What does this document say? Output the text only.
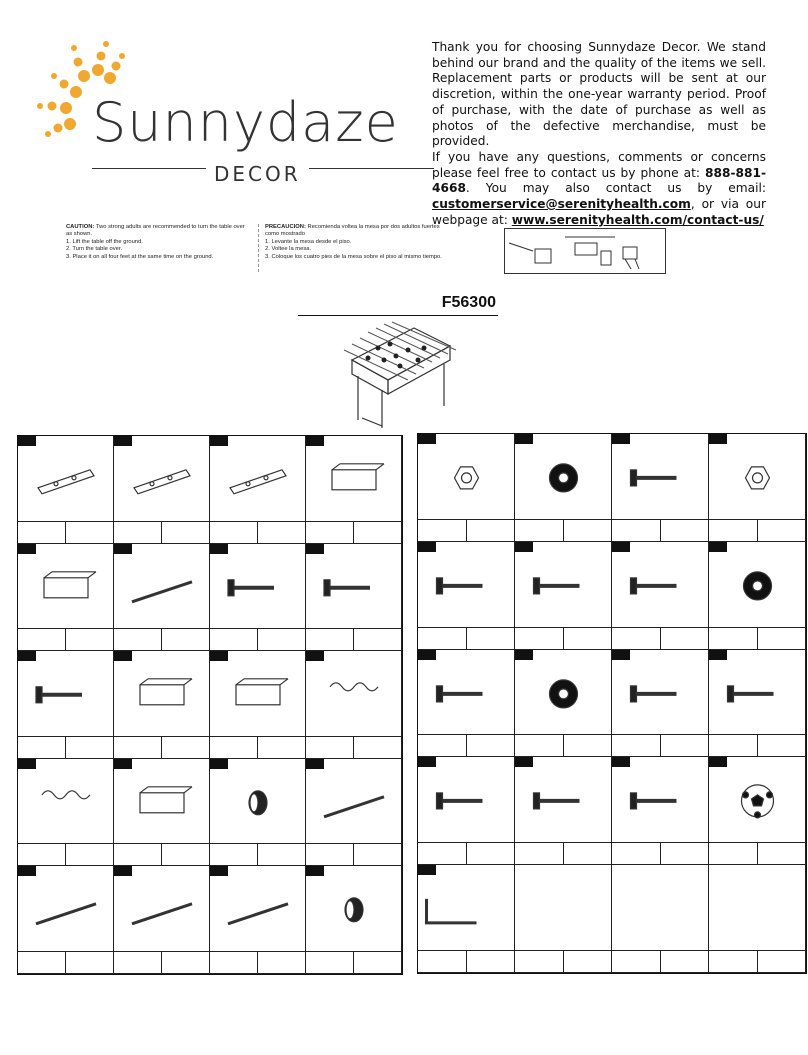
Sunnydaze
DECOR

Thank you for choosing Sunnydaze Decor. We stand behind our brand and the quality of the items we sell. Replacement parts or products will be sent at our discretion, within the one-year warranty period. Proof of purchase, with the date of purchase as well as photos of the defective merchandise, must be provided.

If you have any questions, comments or concerns please feel free to contact us by phone at: 888-881-4668. You may also contact us by email: customerservice@serenityhealth.com, or via our webpage at: www.serenityhealth.com/contact-us/

CAUTION: Two strong adults are recommended to turn the table over as shown.
1. Lift the table off the ground.
2. Turn the table over.
3. Place it on all four feet at the same time on the ground.
PRECAUCION: Recomienda voltea la mesa por dos adultos fuertes como mostrado
1. Levante la mesa desde el piso.
2. Voltee la mesa.
3. Coloque los cuatro pies de la mesa sobre el piso al mismo tiempo.
F56300
